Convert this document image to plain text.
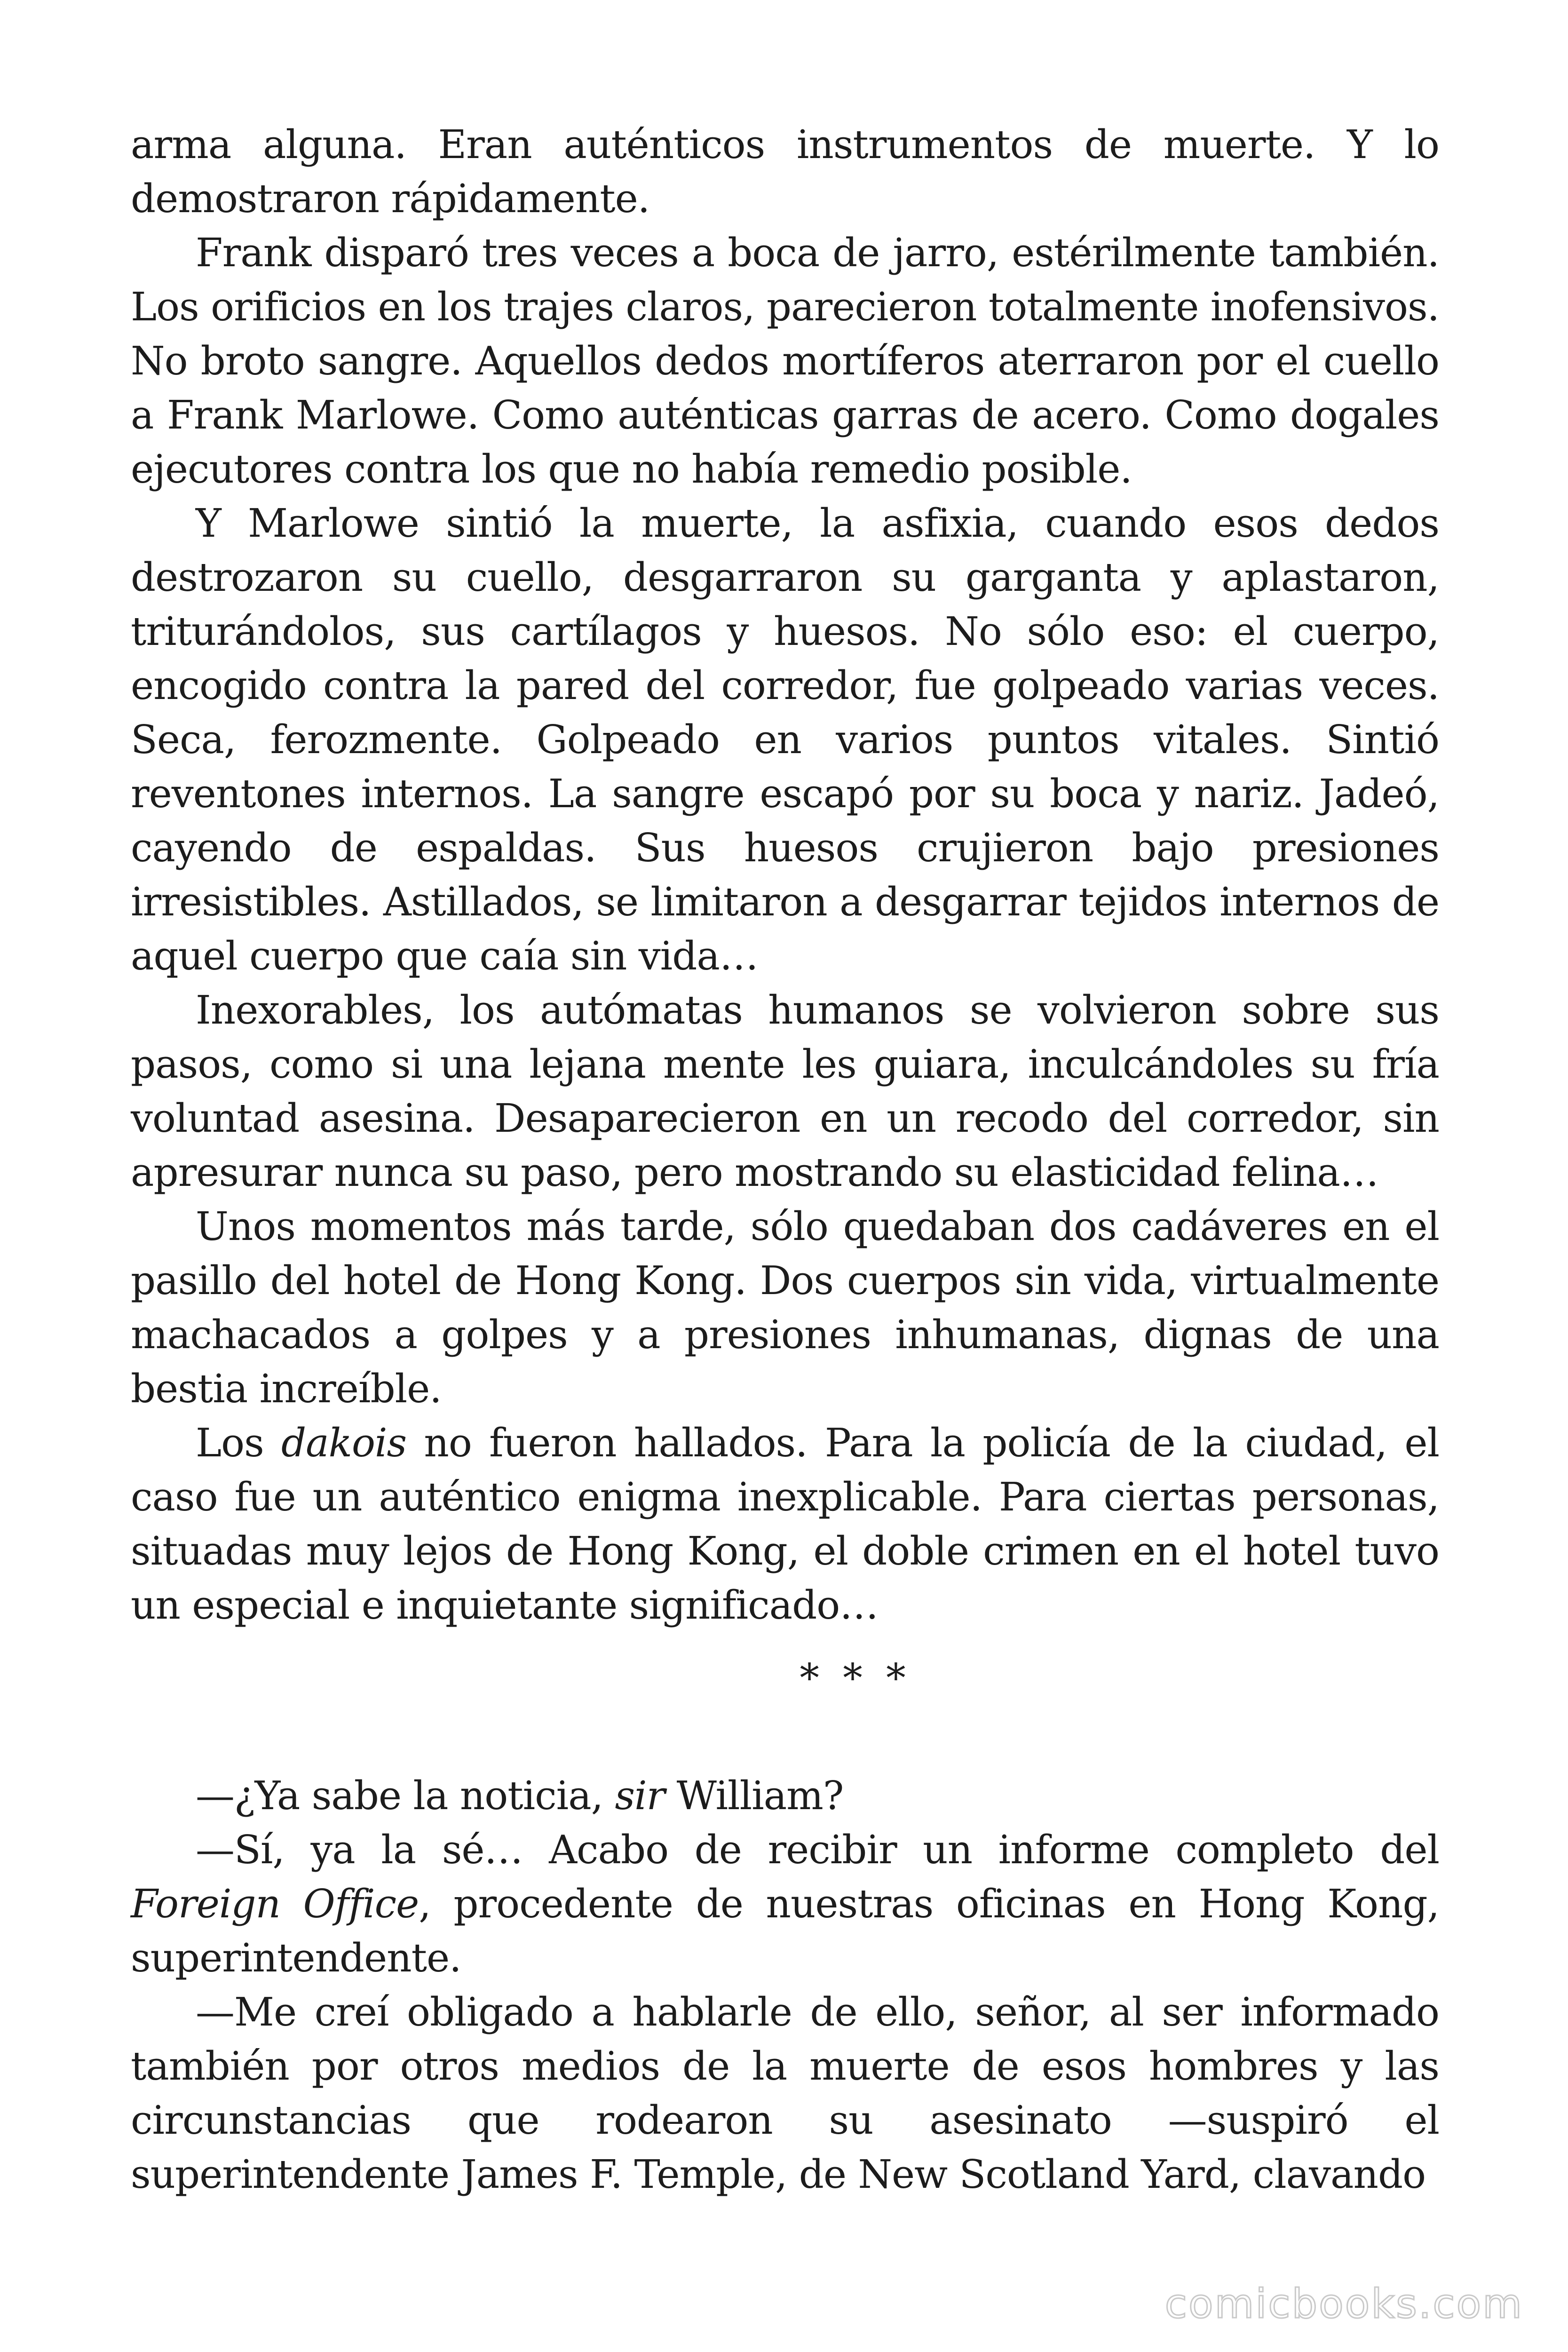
arma alguna. Eran auténticos instrumentos de muerte. Y lo demostraron rápidamente.

Frank disparó tres veces a boca de jarro, estérilmente también. Los orificios en los trajes claros, parecieron totalmente inofensivos. No broto sangre. Aquellos dedos mortíferos aterraron por el cuello a Frank Marlowe. Como auténticas garras de acero. Como dogales ejecutores contra los que no había remedio posible.

Y Marlowe sintió la muerte, la asfixia, cuando esos dedos destrozaron su cuello, desgarraron su garganta y aplastaron, triturándolos, sus cartílagos y huesos. No sólo eso: el cuerpo, encogido contra la pared del corredor, fue golpeado varias veces. Seca, ferozmente. Golpeado en varios puntos vitales. Sintió reventones internos. La sangre escapó por su boca y nariz. Jadeó, cayendo de espaldas. Sus huesos crujieron bajo presiones irresistibles. Astillados, se limitaron a desgarrar tejidos internos de aquel cuerpo que caía sin vida…

Inexorables, los autómatas humanos se volvieron sobre sus pasos, como si una lejana mente les guiara, inculcándoles su fría voluntad asesina. Desaparecieron en un recodo del corredor, sin apresurar nunca su paso, pero mostrando su elasticidad felina…

Unos momentos más tarde, sólo quedaban dos cadáveres en el pasillo del hotel de Hong Kong. Dos cuerpos sin vida, virtualmente machacados a golpes y a presiones inhumanas, dignas de una bestia increíble.

Los dakois no fueron hallados. Para la policía de la ciudad, el caso fue un auténtico enigma inexplicable. Para ciertas personas, situadas muy lejos de Hong Kong, el doble crimen en el hotel tuvo un especial e inquietante significado…

* * *

—¿Ya sabe la noticia, sir William?

—Sí, ya la sé… Acabo de recibir un informe completo del Foreign Office, procedente de nuestras oficinas en Hong Kong, superintendente.

—Me creí obligado a hablarle de ello, señor, al ser informado también por otros medios de la muerte de esos hombres y las circunstancias que rodearon su asesinato —suspiró el superintendente James F. Temple, de New Scotland Yard, clavando

comicbooks.com
